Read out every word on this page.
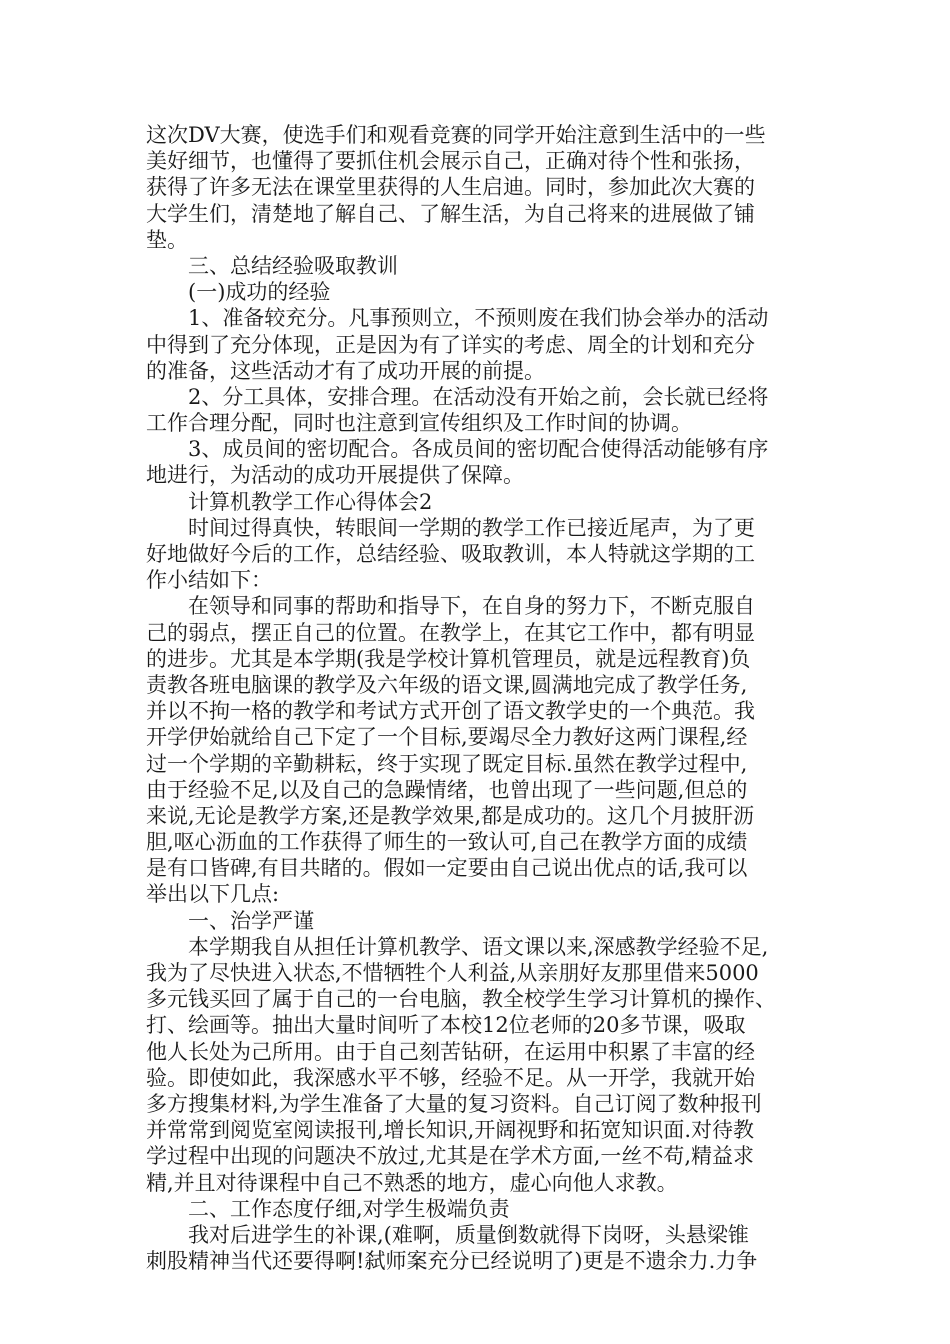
这次DV大赛，使选手们和观看竞赛的同学开始注意到生活中的一些
美好细节，也懂得了要抓住机会展示自己，正确对待个性和张扬，
获得了许多无法在课堂里获得的人生启迪。同时，参加此次大赛的
大学生们，清楚地了解自己、了解生活，为自己将来的进展做了铺
垫。
三、总结经验吸取教训
(一)成功的经验
1、准备较充分。凡事预则立，不预则废在我们协会举办的活动
中得到了充分体现，正是因为有了详实的考虑、周全的计划和充分
的准备，这些活动才有了成功开展的前提。
2、分工具体，安排合理。在活动没有开始之前，会长就已经将
工作合理分配，同时也注意到宣传组织及工作时间的协调。
3、成员间的密切配合。各成员间的密切配合使得活动能够有序
地进行，为活动的成功开展提供了保障。
计算机教学工作心得体会2
时间过得真快，转眼间一学期的教学工作已接近尾声，为了更
好地做好今后的工作，总结经验、吸取教训，本人特就这学期的工
作小结如下：
在领导和同事的帮助和指导下，在自身的努力下，不断克服自
己的弱点，摆正自己的位置。在教学上，在其它工作中，都有明显
的进步。尤其是本学期(我是学校计算机管理员，就是远程教育)负
责教各班电脑课的教学及六年级的语文课,圆满地完成了教学任务,
并以不拘一格的教学和考试方式开创了语文教学史的一个典范。我
开学伊始就给自己下定了一个目标,要竭尽全力教好这两门课程,经
过一个学期的辛勤耕耘，终于实现了既定目标.虽然在教学过程中,
由于经验不足,以及自己的急躁情绪，也曾出现了一些问题,但总的
来说,无论是教学方案,还是教学效果,都是成功的。这几个月披肝沥
胆,呕心沥血的工作获得了师生的一致认可,自己在教学方面的成绩
是有口皆碑,有目共睹的。假如一定要由自己说出优点的话,我可以
举出以下几点:
一、治学严谨
本学期我自从担任计算机教学、语文课以来,深感教学经验不足,
我为了尽快进入状态,不惜牺牲个人利益,从亲朋好友那里借来5000
多元钱买回了属于自己的一台电脑，教全校学生学习计算机的操作、
打、绘画等。抽出大量时间听了本校12位老师的20多节课，吸取
他人长处为己所用。由于自己刻苦钻研，在运用中积累了丰富的经
验。即使如此，我深感水平不够，经验不足。从一开学，我就开始
多方搜集材料,为学生准备了大量的复习资料。自己订阅了数种报刊
并常常到阅览室阅读报刊,增长知识,开阔视野和拓宽知识面.对待教
学过程中出现的问题决不放过,尤其是在学术方面,一丝不苟,精益求
精,并且对待课程中自己不熟悉的地方，虚心向他人求教。
二、工作态度仔细,对学生极端负责
我对后进学生的补课,(难啊，质量倒数就得下岗呀，头悬梁锥
刺股精神当代还要得啊!弑师案充分已经说明了)更是不遗余力.力争
